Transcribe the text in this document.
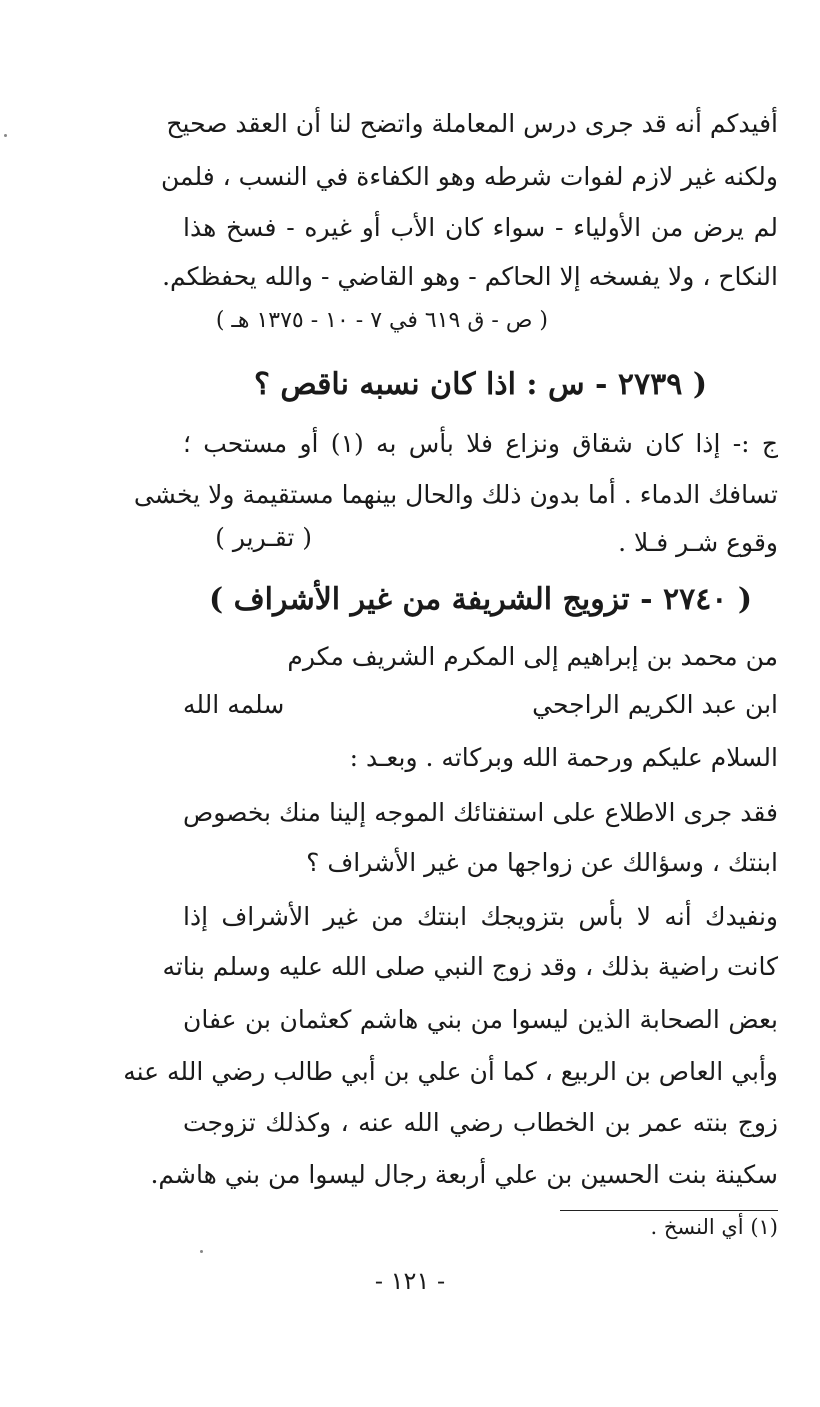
أفيدكم أنه قد جرى درس المعاملة واتضح لنا أن العقد صحيح
ولكنه غير لازم لفوات شرطه وهو الكفاءة في النسب ، فلمن
لم يرض من الأولياء - سواء كان الأب أو غيره - فسخ هذا
النكاح ، ولا يفسخه إلا الحاكم - وهو القاضي - والله يحفظكم.
( ص - ق ٦١٩ في ٧ - ١٠ - ١٣٧٥ هـ )
( ٢٧٣٩ - س : اذا كان نسبه ناقص ؟
ج :- إذا كان شقاق ونزاع فلا بأس به (١) أو مستحب ؛
تسافك الدماء . أما بدون ذلك والحال بينهما مستقيمة ولا يخشى
وقوع شـر فـلا .
( تقـرير )
( ٢٧٤٠ - تزويج الشريفة من غير الأشراف )
من محمد بن إبراهيم إلى المكرم الشريف مكرم
ابن عبد الكريم الراجحي
سلمه الله
السلام عليكم ورحمة الله وبركاته . وبعـد :
فقد جرى الاطلاع على استفتائك الموجه إلينا منك بخصوص
ابنتك ، وسؤالك عن زواجها من غير الأشراف ؟
ونفيدك أنه لا بأس بتزويجك ابنتك من غير الأشراف إذا
كانت راضية بذلك ، وقد زوج النبي صلى الله عليه وسلم بناته
بعض الصحابة الذين ليسوا من بني هاشم كعثمان بن عفان
وأبي العاص بن الربيع ، كما أن علي بن أبي طالب رضي الله عنه
زوج بنته عمر بن الخطاب رضي الله عنه ، وكذلك تزوجت
سكينة بنت الحسين بن علي أربعة رجال ليسوا من بني هاشم.
(١) أي النسخ .
- ١٢١ -
